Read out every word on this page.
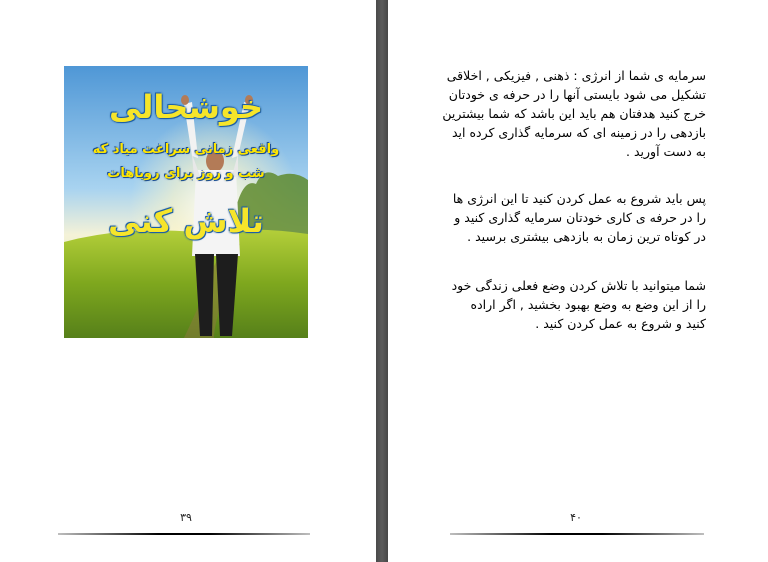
خوشحالی
واقعی زمانی سراغت میاد که
شب و روز برای رویاهات
تلاش کنی
۳۹
سرمایه ی شما از انرژی : ذهنی , فیزیکی , اخلاقی
تشکیل می شود بایستی آنها را در حرفه ی خودتان
خرج کنید هدفتان هم باید این باشد که شما بیشترین
بازدهی را در زمینه ای که سرمایه گذاری کرده اید
به دست آورید .
پس باید شروع به عمل کردن کنید تا این انرژی ها
را در حرفه ی کاری خودتان سرمایه گذاری کنید و
در کوتاه ترین زمان به بازدهی بیشتری برسید .
شما میتوانید با تلاش کردن وضع فعلی زندگی خود
را از این وضع به وضع بهبود بخشید , اگر اراده
کنید و شروع به عمل کردن کنید .
۴۰
